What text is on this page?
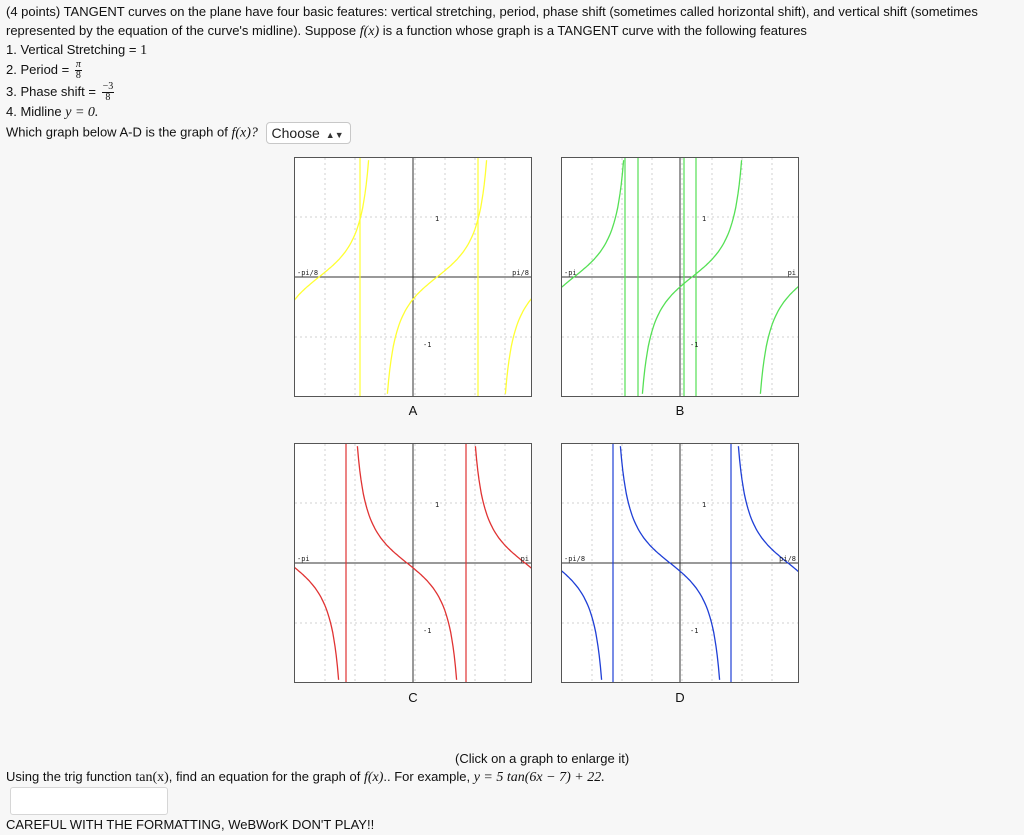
(4 points) TANGENT curves on the plane have four basic features: vertical stretching, period, phase shift (sometimes called horizontal shift), and vertical shift (sometimes
represented by the equation of the curve's midline). Suppose f(x) is a function whose graph is a TANGENT curve with the following features
1. Vertical Stretching = 1
2. Period = $\frac{\pi}{8}$
3. Phase shift = $\frac{-3}{8}$
4. Midline y = 0.
Which graph below A-D is the graph of f(x)? Choose ▲▼
-pi/8	pi/8
1
-1
A
-pi	pi
1
-1
B
-pi	pi
1
-1
C
-pi/8	pi/8
1
-1
D
(Click on a graph to enlarge it)
Using the trig function tan(x), find an equation for the graph of f(x).. For example, y = 5 tan(6x − 7) + 22.
CAREFUL WITH THE FORMATTING, WeBWorK DON'T PLAY!!
